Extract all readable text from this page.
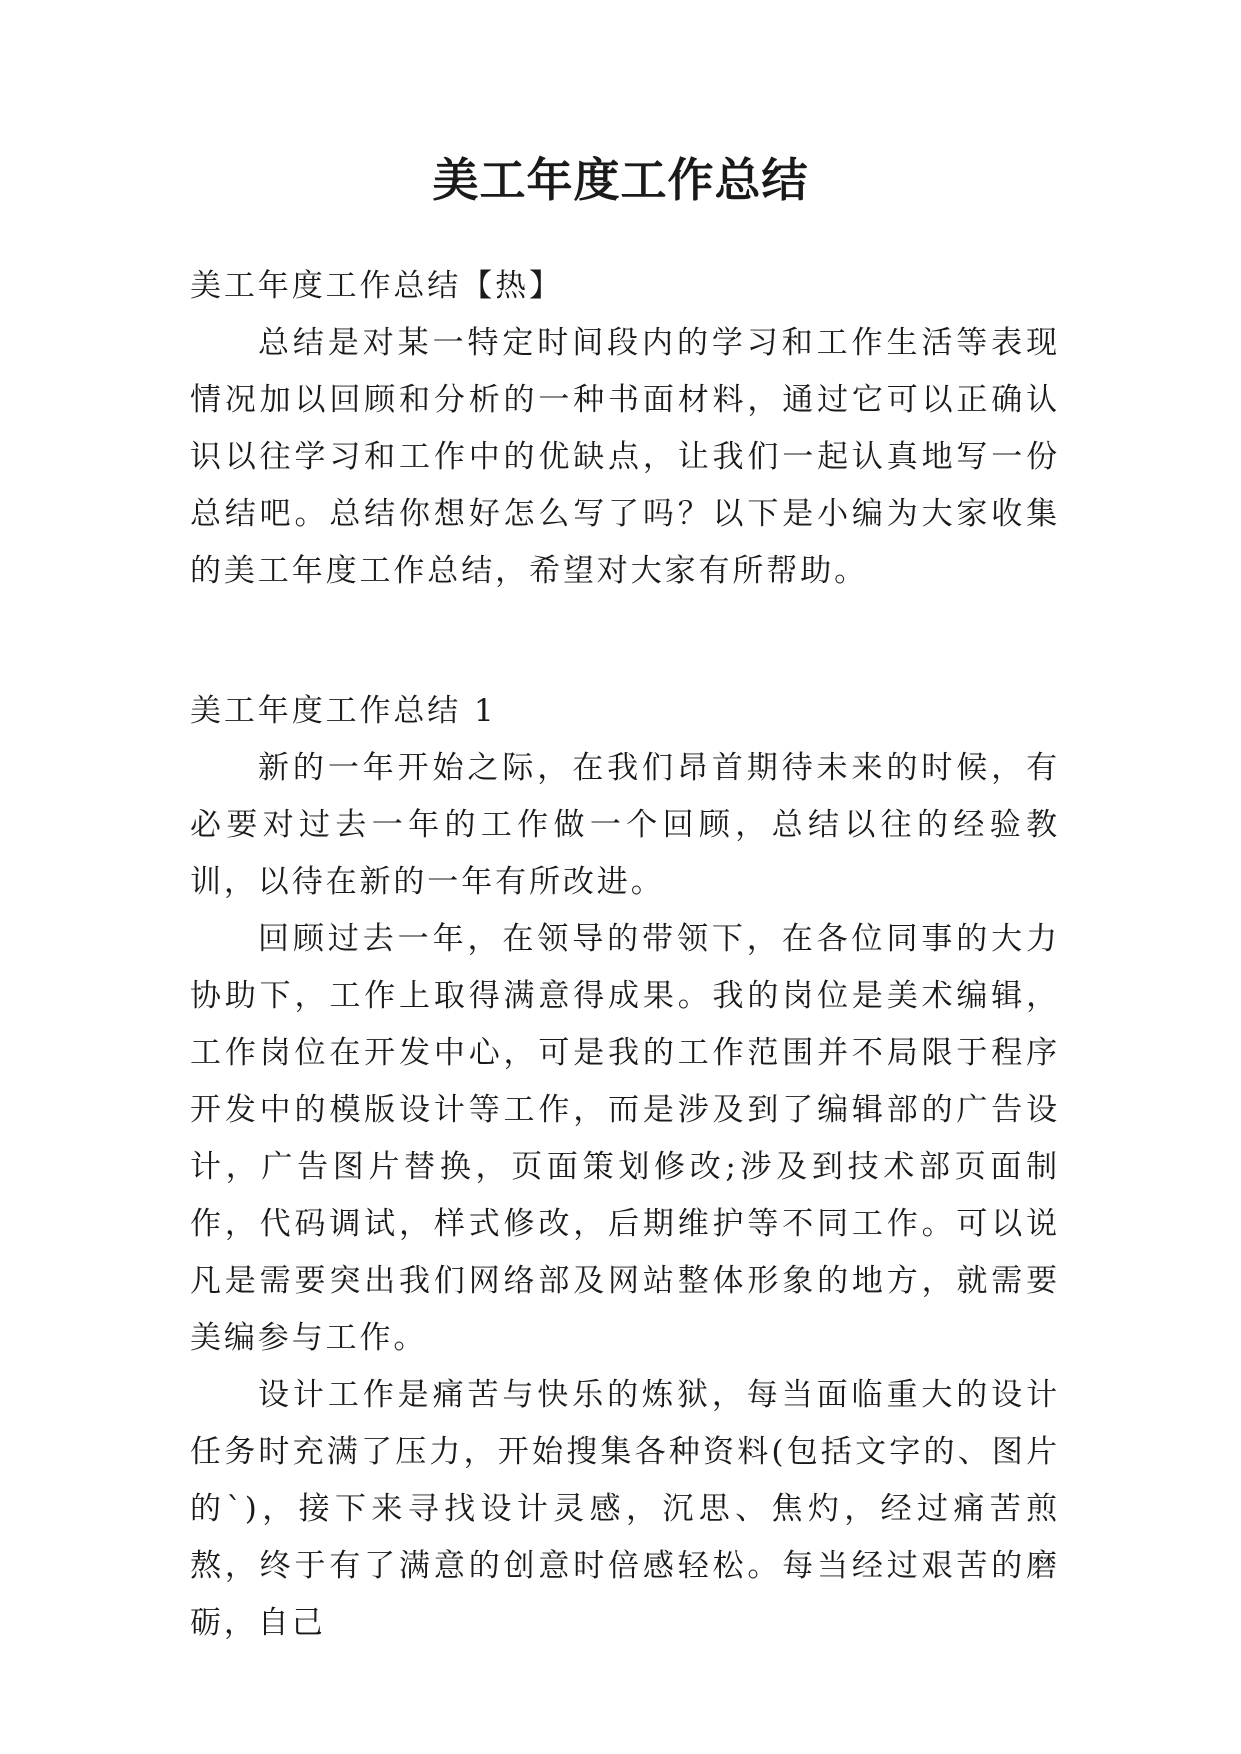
美工年度工作总结

美工年度工作总结【热】

总结是对某一特定时间段内的学习和工作生活等表现情况加以回顾和分析的一种书面材料，通过它可以正确认识以往学习和工作中的优缺点，让我们一起认真地写一份总结吧。总结你想好怎么写了吗？以下是小编为大家收集的美工年度工作总结，希望对大家有所帮助。

美工年度工作总结 1

新的一年开始之际，在我们昂首期待未来的时候，有必要对过去一年的工作做一个回顾，总结以往的经验教训，以待在新的一年有所改进。

回顾过去一年，在领导的带领下，在各位同事的大力协助下，工作上取得满意得成果。我的岗位是美术编辑，工作岗位在开发中心，可是我的工作范围并不局限于程序开发中的模版设计等工作，而是涉及到了编辑部的广告设计，广告图片替换，页面策划修改;涉及到技术部页面制作，代码调试，样式修改，后期维护等不同工作。可以说凡是需要突出我们网络部及网站整体形象的地方，就需要美编参与工作。

设计工作是痛苦与快乐的炼狱，每当面临重大的设计任务时充满了压力，开始搜集各种资料(包括文字的、图片的`)，接下来寻找设计灵感，沉思、焦灼，经过痛苦煎熬，终于有了满意的创意时倍感轻松。每当经过艰苦的磨砺，自己
